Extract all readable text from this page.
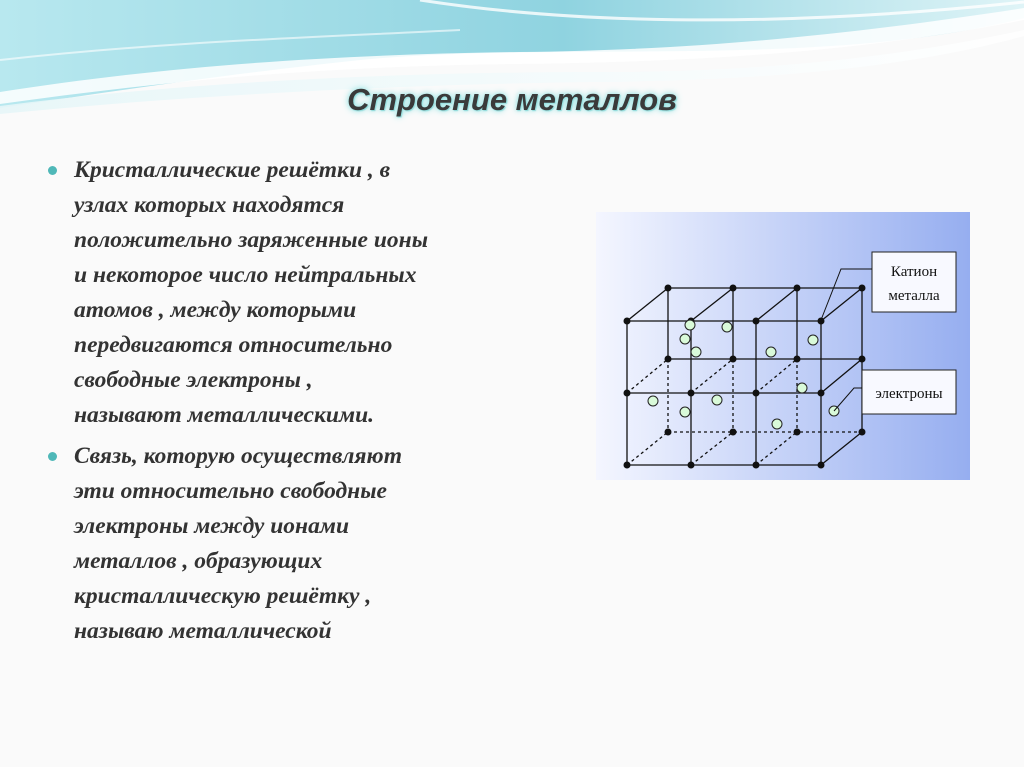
Строение металлов
Кристаллические решётки , в
узлах которых находятся
положительно заряженные ионы
и некоторое число нейтральных
атомов , между которыми
передвигаются относительно
свободные электроны ,
называют металлическими.
Связь, которую осуществляют
эти относительно свободные
электроны между ионами
металлов , образующих
кристаллическую решётку ,
называю металлической
Катион
металла
электроны
